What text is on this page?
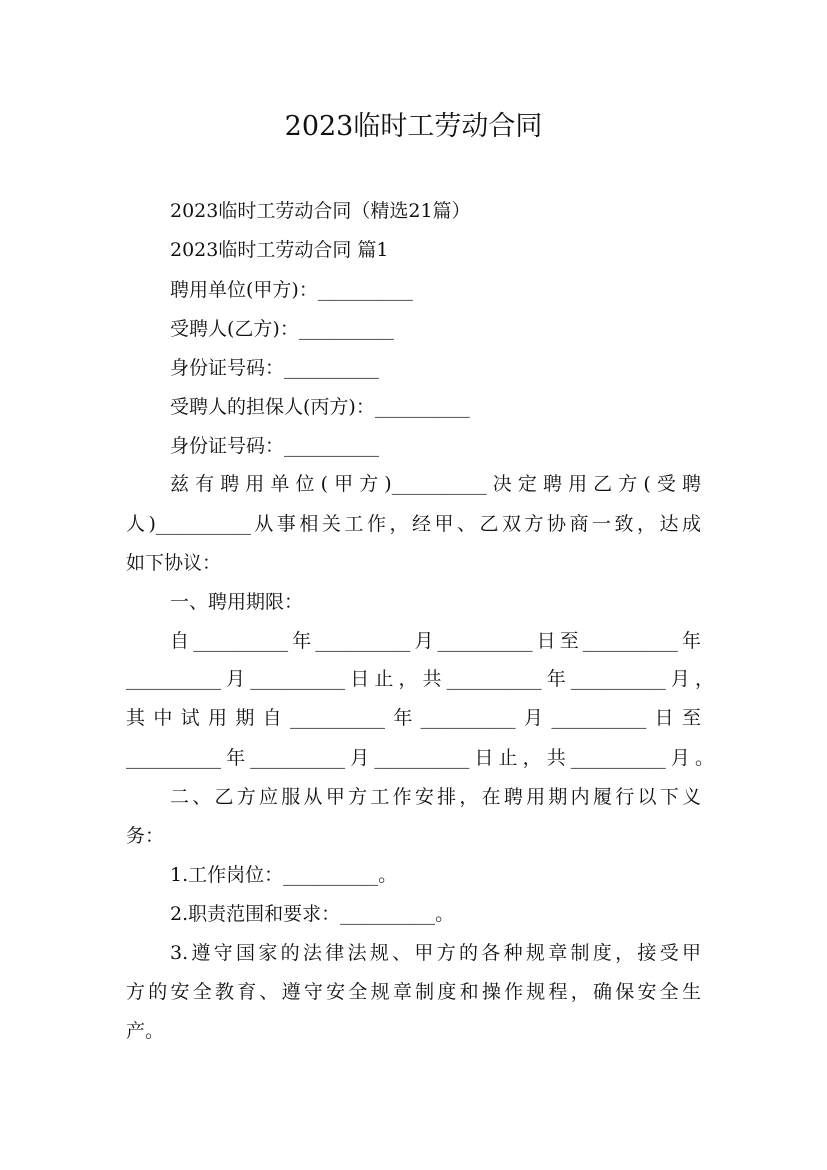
2023临时工劳动合同
2023临时工劳动合同（精选21篇）
2023临时工劳动合同 篇1
聘用单位(甲方)：__________
受聘人(乙方)：__________
身份证号码：__________
受聘人的担保人(丙方)：__________
身份证号码：__________
兹有聘用单位(甲方)__________决定聘用乙方(受聘
人)__________从事相关工作，经甲、乙双方协商一致，达成
如下协议：
一、聘用期限：
自__________年__________月__________日至__________年
__________月__________日止，共__________年__________月，
其中试用期自__________年__________月__________日至
__________年__________月__________日止，共__________月。
二、乙方应服从甲方工作安排，在聘用期内履行以下义
务：
1.工作岗位：__________。
2.职责范围和要求：__________。
3.遵守国家的法律法规、甲方的各种规章制度，接受甲
方的安全教育、遵守安全规章制度和操作规程，确保安全生
产。
